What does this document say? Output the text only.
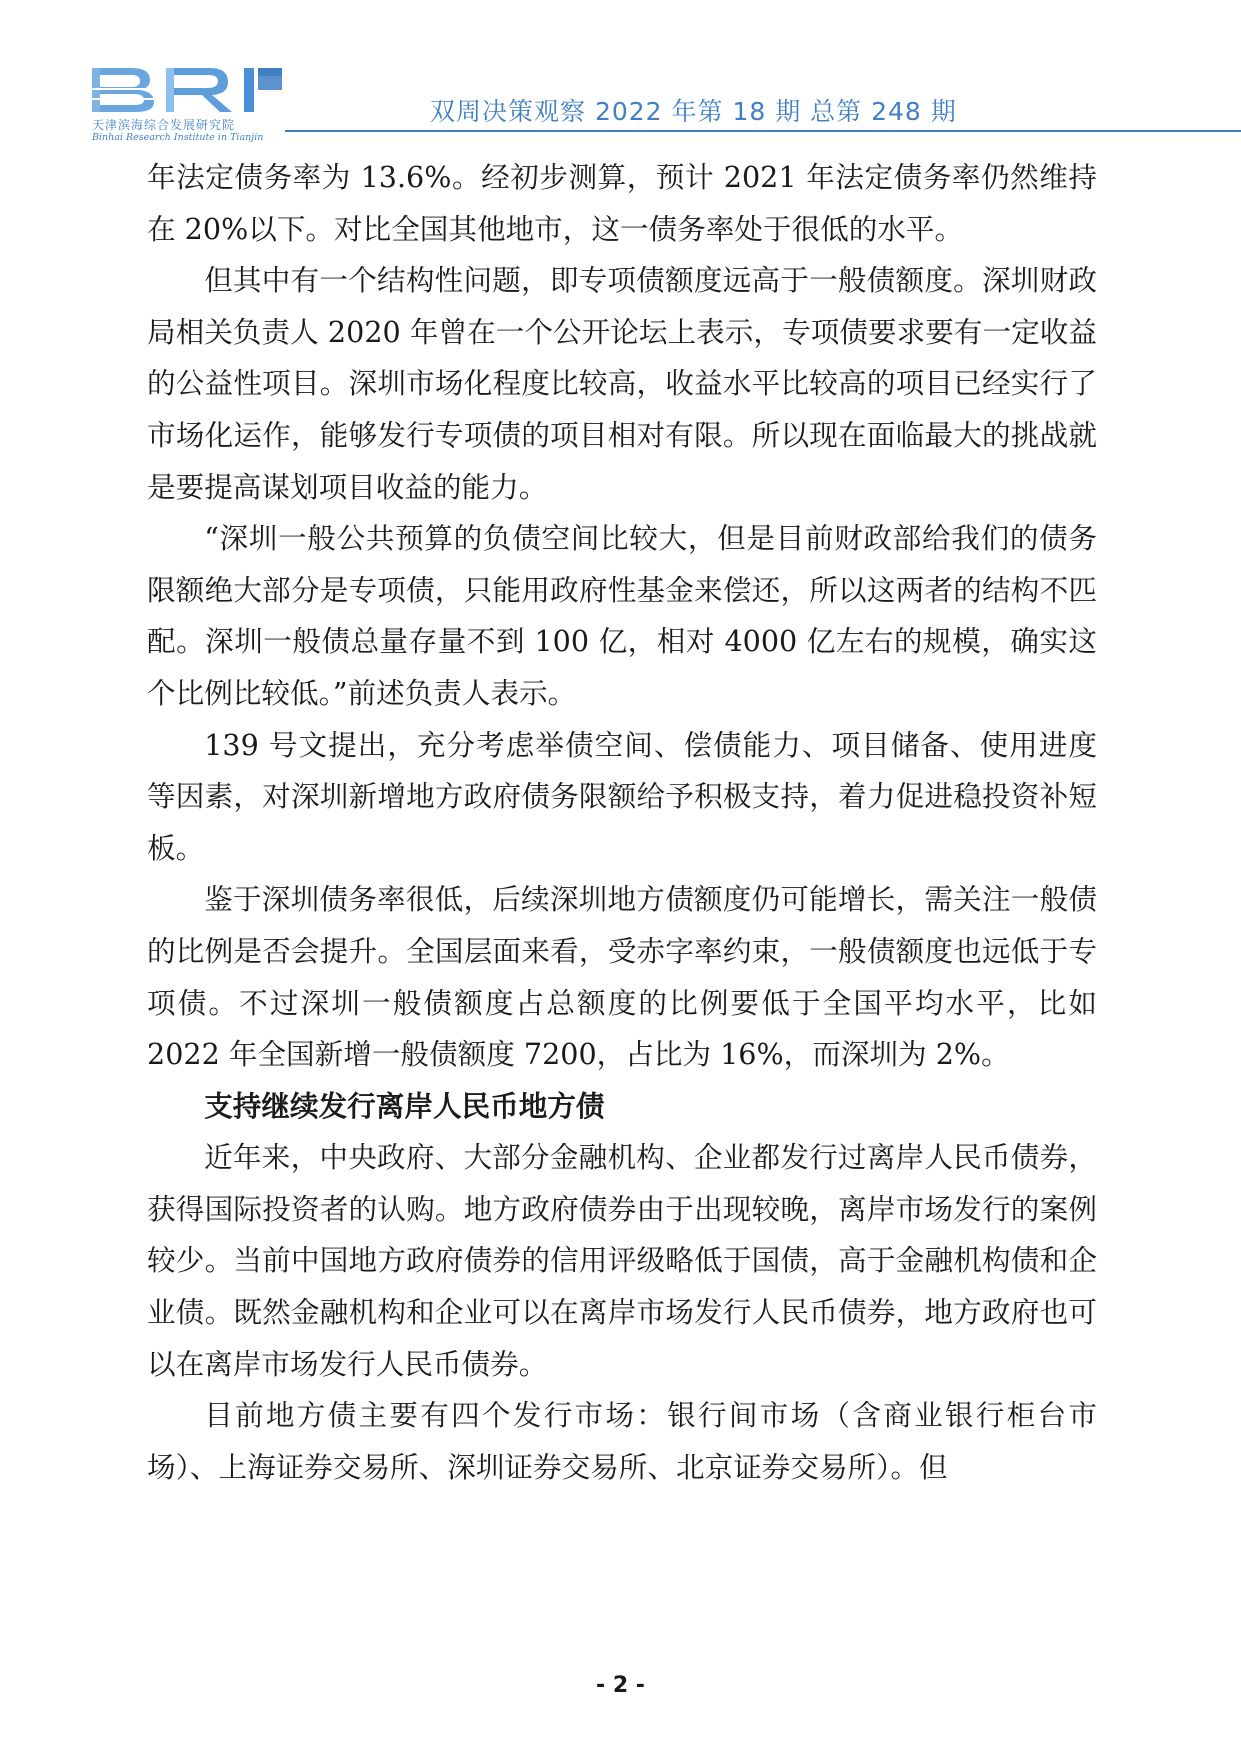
天津滨海综合发展研究院
Binhai Research Institute in Tianjin
双周决策观察 2022 年第 18 期 总第 248 期

年法定债务率为 13.6%。经初步测算，预计 2021 年法定债务率仍然维持在 20%以下。对比全国其他地市，这一债务率处于很低的水平。

但其中有一个结构性问题，即专项债额度远高于一般债额度。深圳财政局相关负责人 2020 年曾在一个公开论坛上表示，专项债要求要有一定收益的公益性项目。深圳市场化程度比较高，收益水平比较高的项目已经实行了市场化运作，能够发行专项债的项目相对有限。所以现在面临最大的挑战就是要提高谋划项目收益的能力。

“深圳一般公共预算的负债空间比较大，但是目前财政部给我们的债务限额绝大部分是专项债，只能用政府性基金来偿还，所以这两者的结构不匹配。深圳一般债总量存量不到 100 亿，相对 4000 亿左右的规模，确实这个比例比较低。”前述负责人表示。

139 号文提出，充分考虑举债空间、偿债能力、项目储备、使用进度等因素，对深圳新增地方政府债务限额给予积极支持，着力促进稳投资补短板。

鉴于深圳债务率很低，后续深圳地方债额度仍可能增长，需关注一般债的比例是否会提升。全国层面来看，受赤字率约束，一般债额度也远低于专项债。不过深圳一般债额度占总额度的比例要低于全国平均水平，比如 2022 年全国新增一般债额度 7200，占比为 16%，而深圳为 2%。

支持继续发行离岸人民币地方债

近年来，中央政府、大部分金融机构、企业都发行过离岸人民币债券，获得国际投资者的认购。地方政府债券由于出现较晚，离岸市场发行的案例较少。当前中国地方政府债券的信用评级略低于国债，高于金融机构债和企业债。既然金融机构和企业可以在离岸市场发行人民币债券，地方政府也可以在离岸市场发行人民币债券。

目前地方债主要有四个发行市场：银行间市场（含商业银行柜台市场）、上海证券交易所、深圳证券交易所、北京证券交易所）。但

- 2 -
